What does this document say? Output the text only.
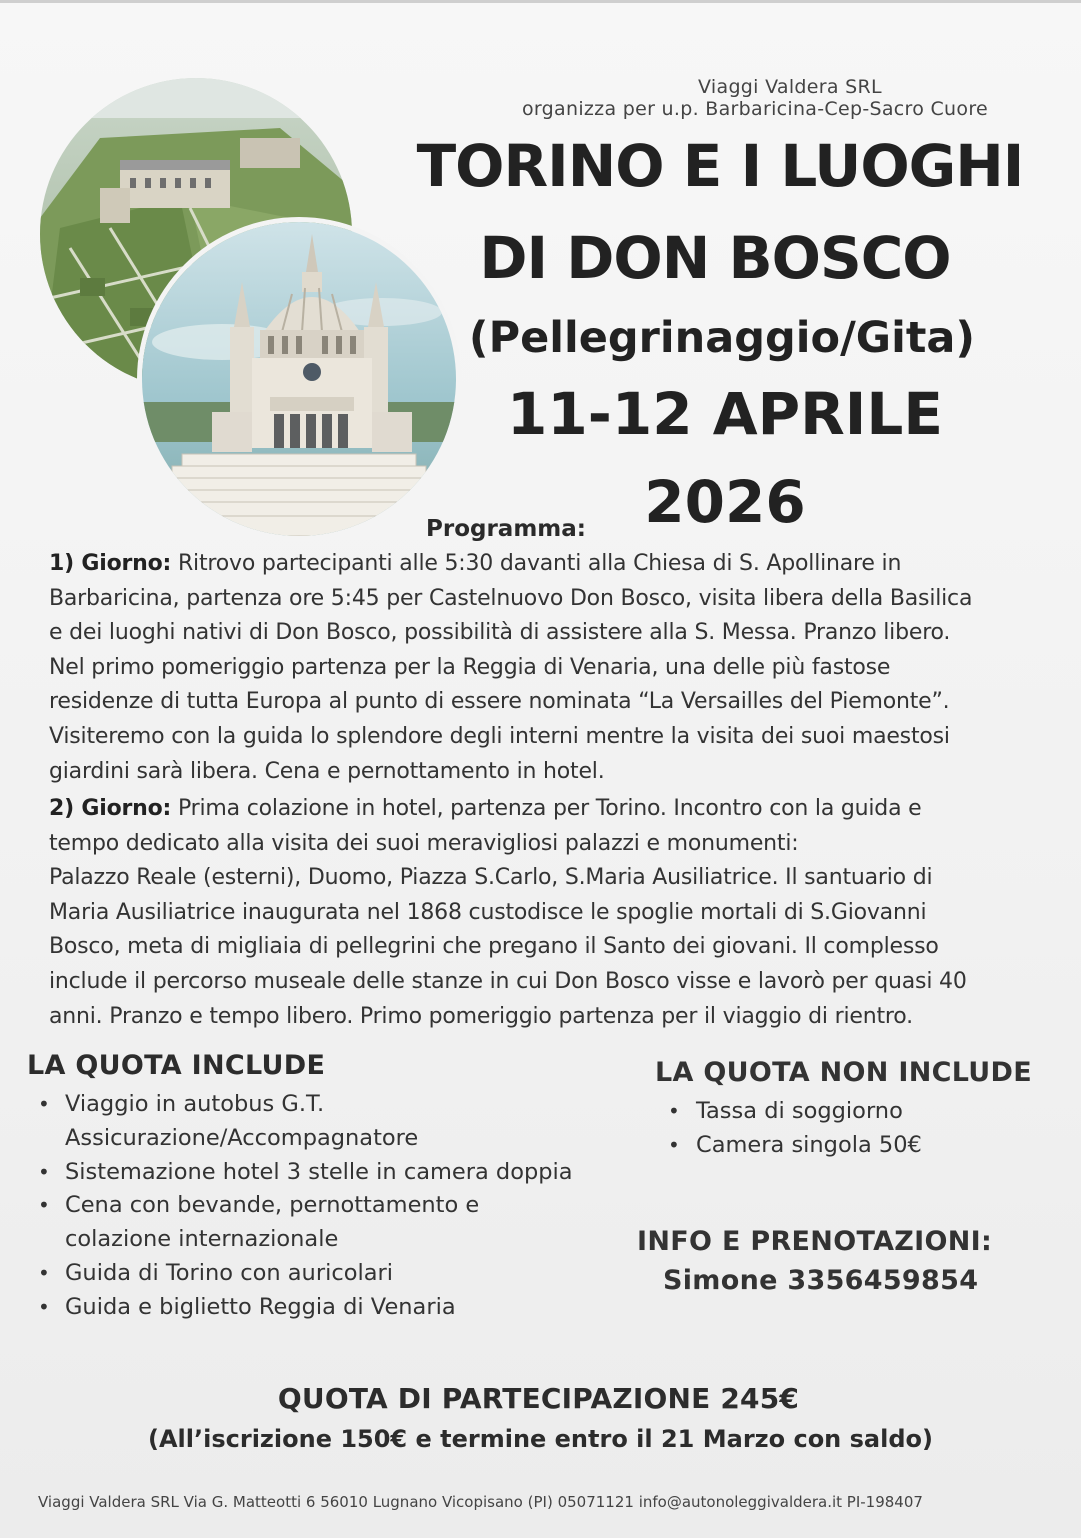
Viaggi Valdera SRL
organizza per u.p. Barbaricina-Cep-Sacro Cuore
TORINO E I LUOGHI
DI DON BOSCO
(Pellegrinaggio/Gita)
11-12 APRILE
2026
Programma:
1) Giorno: Ritrovo partecipanti alle 5:30 davanti alla Chiesa di S. Apollinare in
Barbaricina, partenza ore 5:45 per Castelnuovo Don Bosco, visita libera della Basilica
e dei luoghi nativi di Don Bosco, possibilità di assistere alla S. Messa. Pranzo libero.
Nel primo pomeriggio partenza per la Reggia di Venaria, una delle più fastose
residenze di tutta Europa al punto di essere nominata “La Versailles del Piemonte”.
Visiteremo con la guida lo splendore degli interni mentre la visita dei suoi maestosi
giardini sarà libera. Cena e pernottamento in hotel.
2) Giorno: Prima colazione in hotel, partenza per Torino. Incontro con la guida e
tempo dedicato alla visita dei suoi meravigliosi palazzi e monumenti:
Palazzo Reale (esterni), Duomo, Piazza S.Carlo, S.Maria Ausiliatrice. Il santuario di
Maria Ausiliatrice inaugurata nel 1868 custodisce le spoglie mortali di S.Giovanni
Bosco, meta di migliaia di pellegrini che pregano il Santo dei giovani. Il complesso
include il percorso museale delle stanze in cui Don Bosco visse e lavorò per quasi 40
anni. Pranzo e tempo libero. Primo pomeriggio partenza per il viaggio di rientro.
LA QUOTA INCLUDE
• Viaggio in autobus G.T.
Assicurazione/Accompagnatore
• Sistemazione hotel 3 stelle in camera doppia
• Cena con bevande, pernottamento e
colazione internazionale
• Guida di Torino con auricolari
• Guida e biglietto Reggia di Venaria
LA QUOTA NON INCLUDE
• Tassa di soggiorno
• Camera singola 50€
INFO E PRENOTAZIONI:
Simone 3356459854
QUOTA DI PARTECIPAZIONE 245€
(All’iscrizione 150€ e termine entro il 21 Marzo con saldo)
Viaggi Valdera SRL Via G. Matteotti 6 56010 Lugnano Vicopisano (PI) 05071121 info@autonoleggivaldera.it PI-198407
